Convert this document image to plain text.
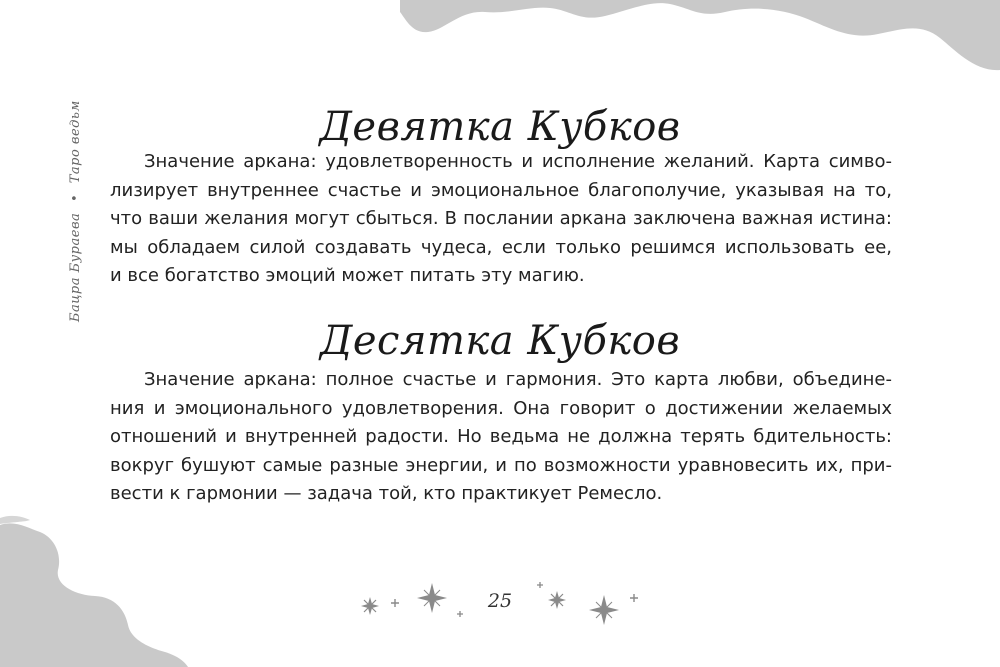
Бацра Бураева • Таро ведьм	Девятка Кубков
Значение аркана: удовлетворенность и исполнение желаний. Карта симво-
лизирует внутреннее счастье и эмоциональное благополучие, указывая на то,
что ваши желания могут сбыться. В послании аркана заключена важная истина:
мы обладаем силой создавать чудеса, если только решимся использовать ее,
и все богатство эмоций может питать эту магию.
Десятка Кубков
Значение аркана: полное счастье и гармония. Это карта любви, объедине-
ния и эмоционального удовлетворения. Она говорит о достижении желаемых
отношений и внутренней радости. Но ведьма не должна терять бдительность:
вокруг бушуют самые разные энергии, и по возможности уравновесить их, при-
вести к гармонии — задача той, кто практикует Ремесло.
25
